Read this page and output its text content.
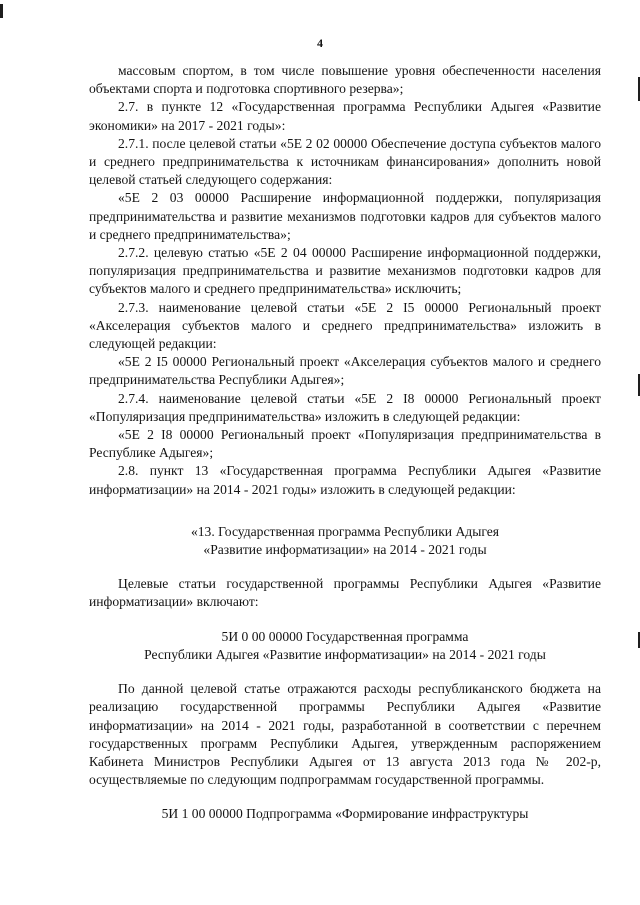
4

массовым спортом, в том числе повышение уровня обеспеченности населения объектами спорта и подготовка спортивного резерва»;

2.7. в пункте 12 «Государственная программа Республики Адыгея «Развитие экономики» на 2017 - 2021 годы»:

2.7.1. после целевой статьи «5Е 2 02 00000 Обеспечение доступа субъектов малого и среднего предпринимательства к источникам финансирования» дополнить новой целевой статьей следующего содержания:

«5Е 2 03 00000 Расширение информационной поддержки, популяризация предпринимательства и развитие механизмов подготовки кадров для субъектов малого и среднего предпринимательства»;

2.7.2. целевую статью «5Е 2 04 00000 Расширение информационной поддержки, популяризация предпринимательства и развитие механизмов подготовки кадров для субъектов малого и среднего предпринимательства» исключить;

2.7.3. наименование целевой статьи «5Е 2 I5 00000 Региональный проект «Акселерация субъектов малого и среднего предпринимательства» изложить в следующей редакции:

«5Е 2 I5 00000 Региональный проект «Акселерация субъектов малого и среднего предпринимательства Республики Адыгея»;

2.7.4. наименование целевой статьи «5Е 2 I8 00000 Региональный проект «Популяризация предпринимательства» изложить в следующей редакции:

«5Е 2 I8 00000 Региональный проект «Популяризация предпринимательства в Республике Адыгея»;

2.8. пункт 13 «Государственная программа Республики Адыгея «Развитие информатизации» на 2014 - 2021 годы» изложить в следующей редакции:

«13. Государственная программа Республики Адыгея

«Развитие информатизации» на 2014 - 2021 годы

Целевые статьи государственной программы Республики Адыгея «Развитие информатизации» включают:

5И 0 00 00000 Государственная программа

Республики Адыгея «Развитие информатизации» на 2014 - 2021 годы

По данной целевой статье отражаются расходы республиканского бюджета на реализацию государственной программы Республики Адыгея «Развитие информатизации» на 2014 - 2021 годы, разработанной в соответствии с перечнем государственных программ Республики Адыгея, утвержденным распоряжением Кабинета Министров Республики Адыгея от 13 августа 2013 года № 202-р, осуществляемые по следующим подпрограммам государственной программы.

5И 1 00 00000 Подпрограмма «Формирование инфраструктуры
